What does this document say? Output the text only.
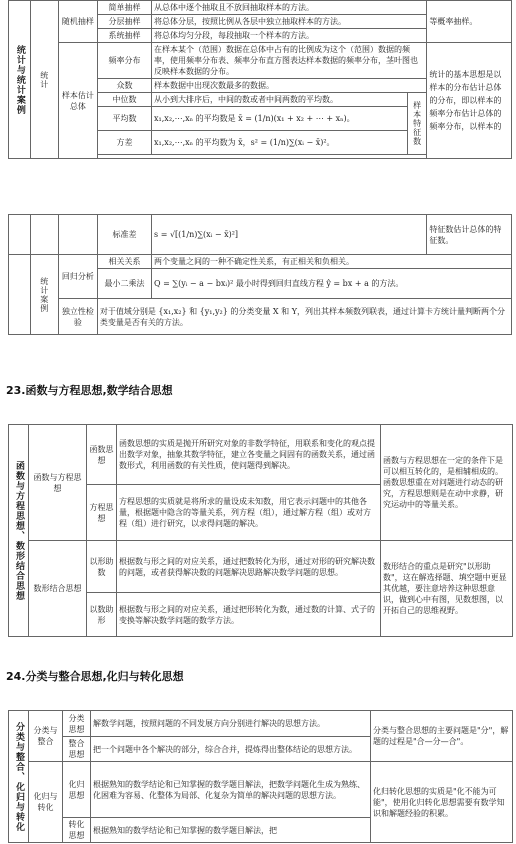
统计与统计案例	统计	随机抽样	简单抽样	从总体中逐个抽取且不放回抽取样本的方法。		等概率抽样。
			分层抽样	将总体分层，按照比例从各层中独立抽取样本的方法。		
			系统抽样	将总体均匀分段，每段抽取一个样本的方法。		
		样本估计总体	频率分布	在样本某个（范围）数据在总体中占有的比例成为这个（范围）数据的频率，使用频率分布表、频率分布直方图表达样本数据的频率分布，茎叶图也反映样本数据的分布。		统计的基本思想是以样本的分布估计总体的分布，即以样本的频率分布估计总体的频率分布，以样本的
			众数	样本数据中出现次数最多的数据。		
			中位数	从小到大排序后，中间的数或者中间两数的平均数。	样本特征数	
			平均数	x₁,x₂,⋯,xₙ 的平均数是 x̄ = (1/n)(x₁ + x₂ + ⋯ + xₙ)。		
			方差	x₁,x₂,⋯,xₙ 的平均数为 x̄，s² = (1/n)∑(xᵢ − x̄)²。		

			标准差	s = √[(1/n)∑(xᵢ − x̄)²]	特征数估计总体的特征数。
	统计案例	回归分析	相关关系	两个变量之间的一种不确定性关系，有正相关和负相关。	
			最小二乘法	Q = ∑(yᵢ − a − bxᵢ)² 最小时得到回归直线方程 ŷ = bx + a 的方法。	
		独立性检验	对于值域分别是 {x₁,x₂} 和 {y₁,y₂} 的分类变量 X 和 Y，列出其样本频数列联表，通过计算卡方统计量判断两个分类变量是否有关的方法。		
23.函数与方程思想,数学结合思想
函数与方程思想、数形结合思想	函数与方程思想	函数思想	函数思想的实质是抛开所研究对象的非数学特征，用联系和变化的观点提出数学对象，抽象其数学特征，建立各变量之间固有的函数关系，通过函数形式，利用函数的有关性质，使问题得到解决。	函数与方程思想在一定的条件下是可以相互转化的，是相辅相成的。函数思想重在对问题进行动态的研究，方程思想则是在动中求静，研究运动中的等量关系。
		方程思想	方程思想的实质就是将所求的量设成未知数，用它表示问题中的其他各量，根据题中隐含的等量关系，列方程（组），通过解方程（组）或对方程（组）进行研究，以求得问题的解决。	
	数形结合思想	以形助数	根据数与形之间的对应关系，通过把数转化为形，通过对形的研究解决数的问题，或者获得解决数的问题解决思路解决数学问题的思想。	数形结合的重点是研究"以形助数"，这在解选择题、填空题中更显其优越，要注意培养这种思想意识，做到心中有图，见数想图，以开拓自己的思维视野。
		以数助形	根据数与形之间的对应关系，通过把形转化为数，通过数的计算、式子的变换等解决数学问题的数学方法。	
24.分类与整合思想,化归与转化思想
分类与整合、化归与转化	分类与整合	分类思想	解数学问题，按照问题的不同发展方向分别进行解决的思想方法。	分类与整合思想的主要问题是"分"，解题的过程是"合—分—合"。
		整合思想	把一个问题中各个解决的部分，综合合并，提炼得出整体结论的思想方法。	
	化归与转化	化归思想	根据熟知的数学结论和已知掌握的数学题目解法，把数学问题化生成为熟练、化困难为容易、化整体为局部、化复杂为简单的解决问题的思想方法。	化归转化思想的实质是"化不能为可能"，使用化归转化思想需要有数学知识和解题经验的积累。
		转化思想	根据熟知的数学结论和已知掌握的数学题目解法，把	
